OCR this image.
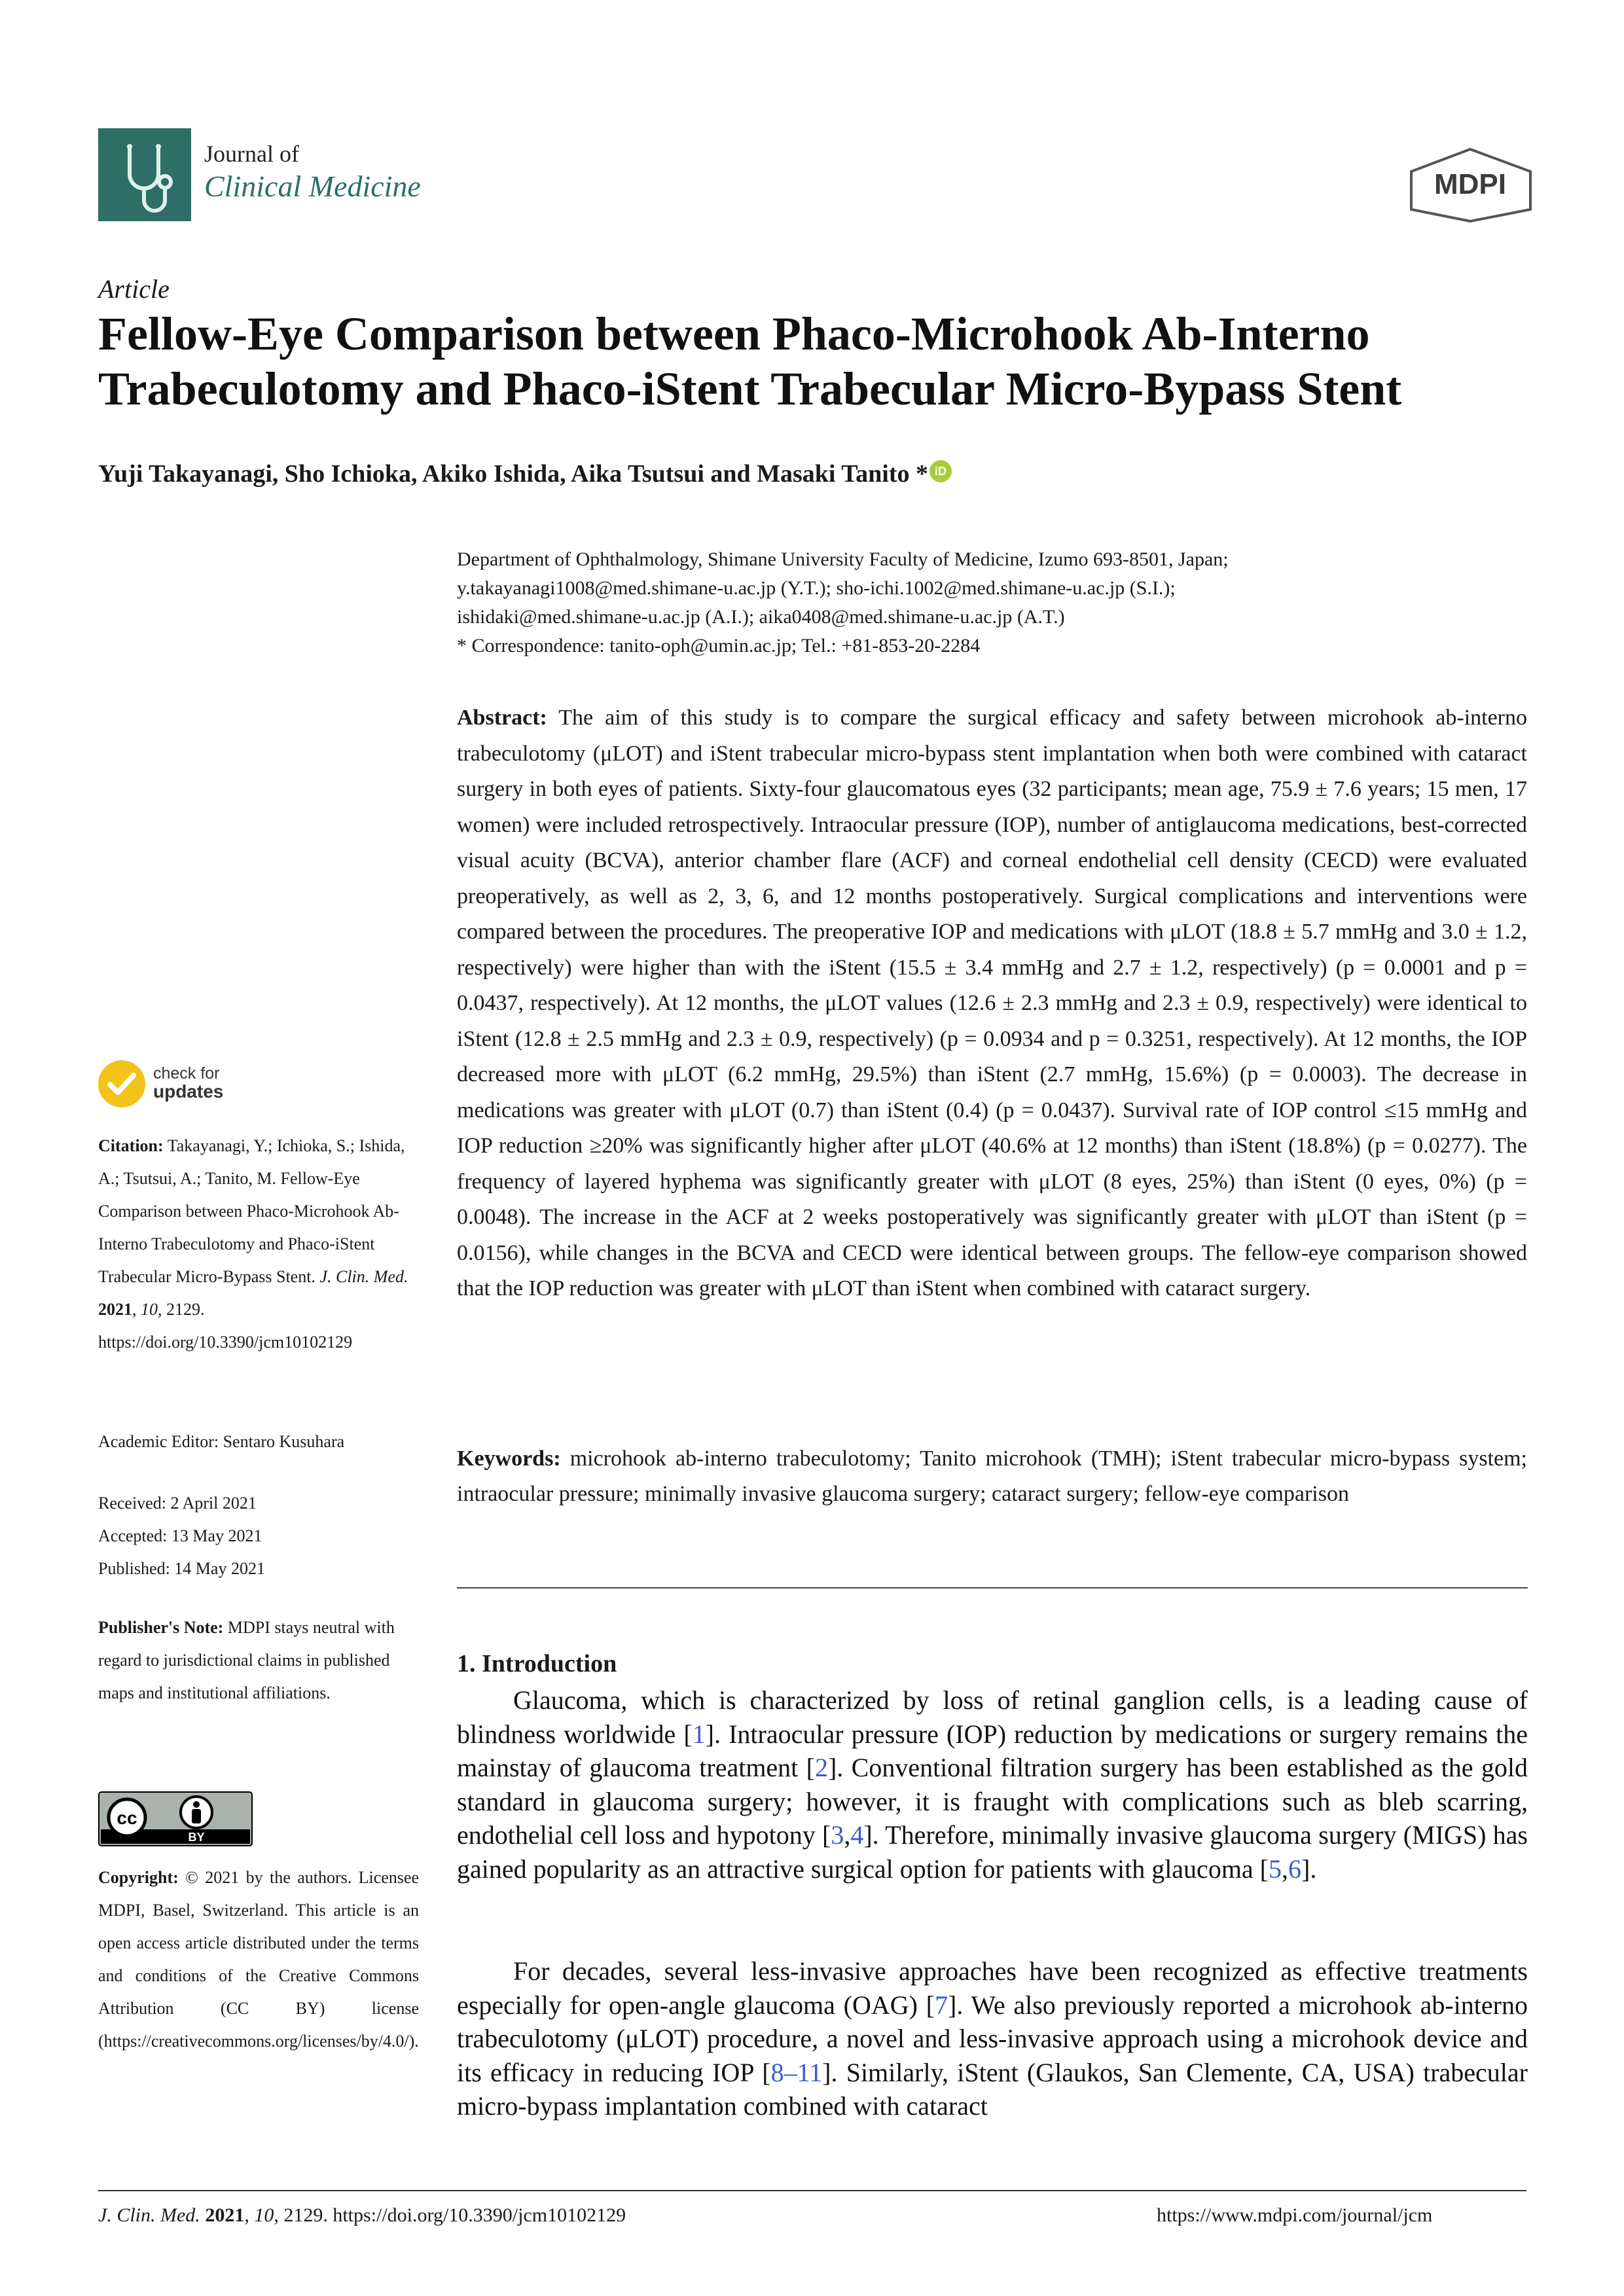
Journal of
Clinical Medicine	MDPI
Article
Fellow-Eye Comparison between Phaco-Microhook Ab-Interno Trabeculotomy and Phaco-iStent Trabecular Micro-Bypass Stent
Yuji Takayanagi, Sho Ichioka, Akiko Ishida, Aika Tsutsui and Masaki Tanito * iD
Department of Ophthalmology, Shimane University Faculty of Medicine, Izumo 693-8501, Japan;
y.takayanagi1008@med.shimane-u.ac.jp (Y.T.); sho-ichi.1002@med.shimane-u.ac.jp (S.I.);
ishidaki@med.shimane-u.ac.jp (A.I.); aika0408@med.shimane-u.ac.jp (A.T.)
* Correspondence: tanito-oph@umin.ac.jp; Tel.: +81-853-20-2284
Abstract: The aim of this study is to compare the surgical efficacy and safety between microhook ab-interno trabeculotomy (μLOT) and iStent trabecular micro-bypass stent implantation when both were combined with cataract surgery in both eyes of patients. Sixty-four glaucomatous eyes (32 participants; mean age, 75.9 ± 7.6 years; 15 men, 17 women) were included retrospectively. Intraocular pressure (IOP), number of antiglaucoma medications, best-corrected visual acuity (BCVA), anterior chamber flare (ACF) and corneal endothelial cell density (CECD) were evaluated preoperatively, as well as 2, 3, 6, and 12 months postoperatively. Surgical complications and interventions were compared between the procedures. The preoperative IOP and medications with μLOT (18.8 ± 5.7 mmHg and 3.0 ± 1.2, respectively) were higher than with the iStent (15.5 ± 3.4 mmHg and 2.7 ± 1.2, respectively) (p = 0.0001 and p = 0.0437, respectively). At 12 months, the μLOT values (12.6 ± 2.3 mmHg and 2.3 ± 0.9, respectively) were identical to iStent (12.8 ± 2.5 mmHg and 2.3 ± 0.9, respectively) (p = 0.0934 and p = 0.3251, respectively). At 12 months, the IOP decreased more with μLOT (6.2 mmHg, 29.5%) than iStent (2.7 mmHg, 15.6%) (p = 0.0003). The decrease in medications was greater with μLOT (0.7) than iStent (0.4) (p = 0.0437). Survival rate of IOP control ≤15 mmHg and IOP reduction ≥20% was significantly higher after μLOT (40.6% at 12 months) than iStent (18.8%) (p = 0.0277). The frequency of layered hyphema was significantly greater with μLOT (8 eyes, 25%) than iStent (0 eyes, 0%) (p = 0.0048). The increase in the ACF at 2 weeks postoperatively was significantly greater with μLOT than iStent (p = 0.0156), while changes in the BCVA and CECD were identical between groups. The fellow-eye comparison showed that the IOP reduction was greater with μLOT than iStent when combined with cataract surgery.
Keywords: microhook ab-interno trabeculotomy; Tanito microhook (TMH); iStent trabecular micro-bypass system; intraocular pressure; minimally invasive glaucoma surgery; cataract surgery; fellow-eye comparison
1. Introduction
Glaucoma, which is characterized by loss of retinal ganglion cells, is a leading cause of blindness worldwide [1]. Intraocular pressure (IOP) reduction by medications or surgery remains the mainstay of glaucoma treatment [2]. Conventional filtration surgery has been established as the gold standard in glaucoma surgery; however, it is fraught with complications such as bleb scarring, endothelial cell loss and hypotony [3,4]. Therefore, minimally invasive glaucoma surgery (MIGS) has gained popularity as an attractive surgical option for patients with glaucoma [5,6].
For decades, several less-invasive approaches have been recognized as effective treatments especially for open-angle glaucoma (OAG) [7]. We also previously reported a microhook ab-interno trabeculotomy (μLOT) procedure, a novel and less-invasive approach using a microhook device and its efficacy in reducing IOP [8–11]. Similarly, iStent (Glaukos, San Clemente, CA, USA) trabecular micro-bypass implantation combined with cataract
check for
updates
Citation: Takayanagi, Y.; Ichioka, S.; Ishida, A.; Tsutsui, A.; Tanito, M. Fellow-Eye Comparison between Phaco-Microhook Ab-Interno Trabeculotomy and Phaco-iStent Trabecular Micro-Bypass Stent. J. Clin. Med. 2021, 10, 2129. https://doi.org/10.3390/jcm10102129
Academic Editor: Sentaro Kusuhara
Received: 2 April 2021
Accepted: 13 May 2021
Published: 14 May 2021
Publisher's Note: MDPI stays neutral with regard to jurisdictional claims in published maps and institutional affiliations.
cc
BY
Copyright: © 2021 by the authors. Licensee MDPI, Basel, Switzerland. This article is an open access article distributed under the terms and conditions of the Creative Commons Attribution (CC BY) license (https://creativecommons.org/licenses/by/4.0/).
J. Clin. Med. 2021, 10, 2129. https://doi.org/10.3390/jcm10102129	https://www.mdpi.com/journal/jcm
